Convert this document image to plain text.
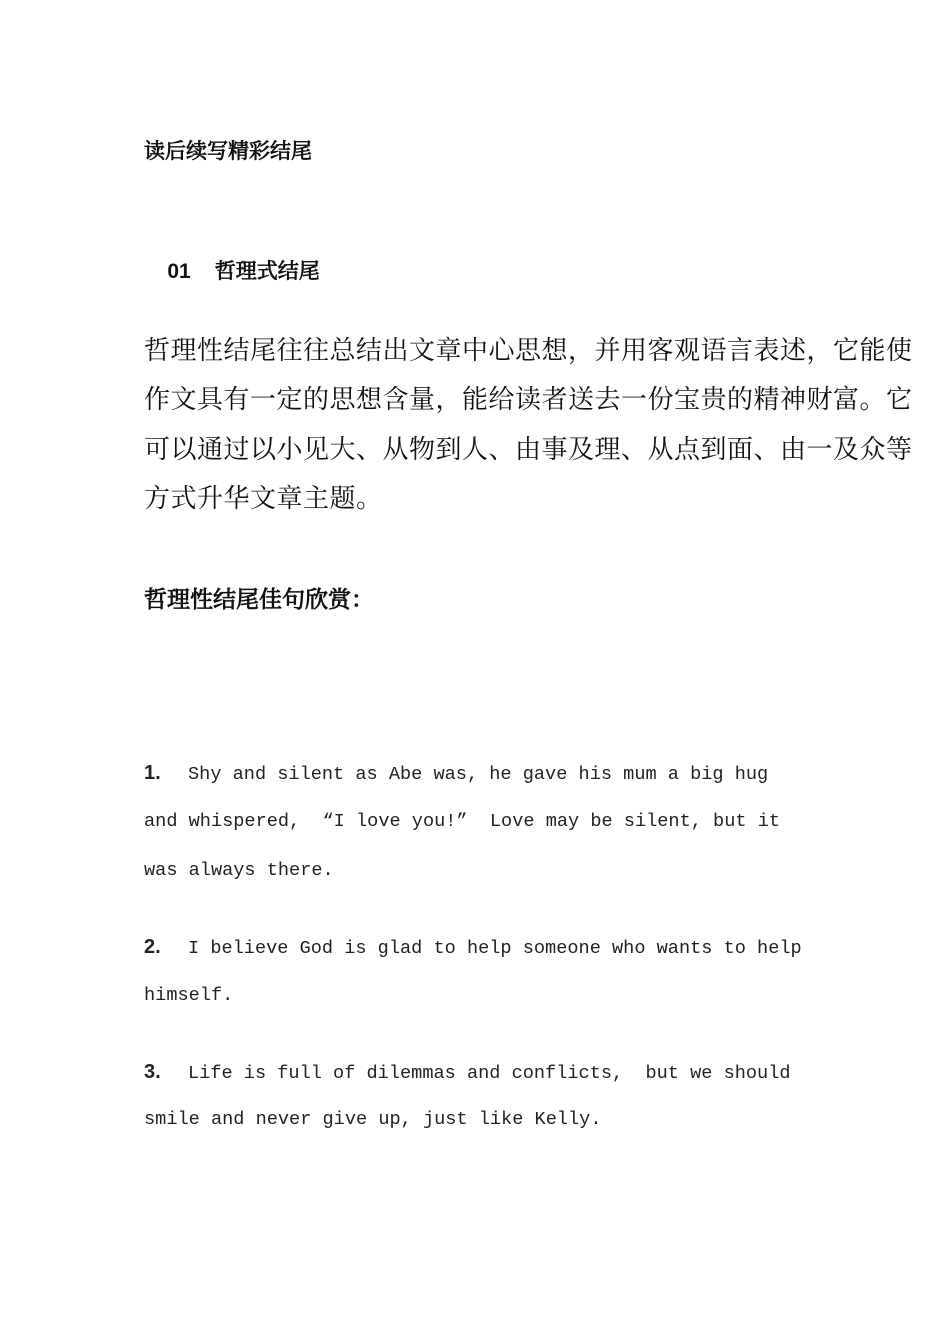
读后续写精彩结尾

01 哲理式结尾

哲理性结尾往往总结出文章中心思想，并用客观语言表述，它能使
作文具有一定的思想含量，能给读者送去一份宝贵的精神财富。它
可以通过以小见大、从物到人、由事及理、从点到面、由一及众等
方式升华文章主题。
哲理性结尾佳句欣赏：
1. Shy and silent as Abe was, he gave his mum a big hug
and whispered,  “I love you!”  Love may be silent, but it
was always there.
2. I believe God is glad to help someone who wants to help
himself.
3. Life is full of dilemmas and conflicts,  but we should
smile and never give up, just like Kelly.
